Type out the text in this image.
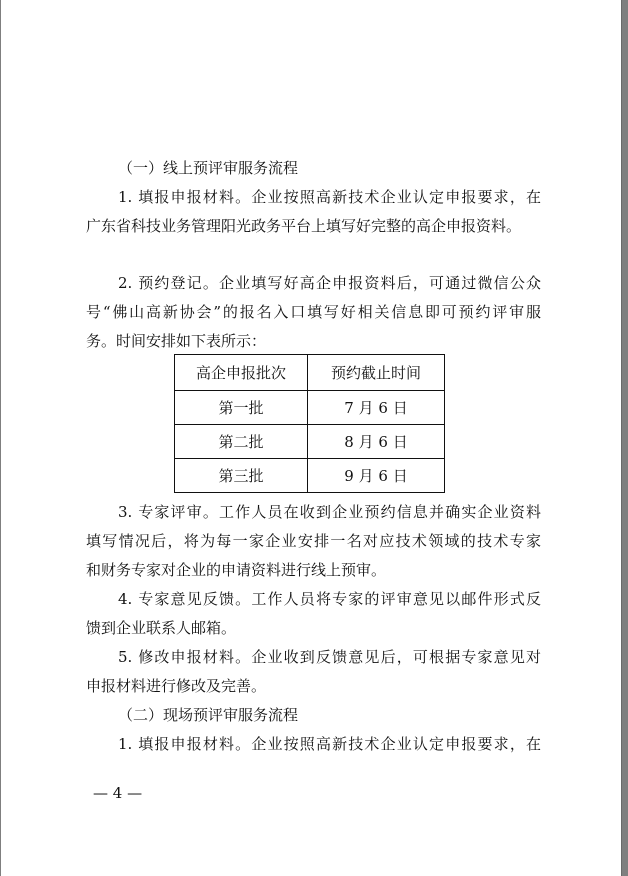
（一）线上预评审服务流程
1. 填报申报材料。企业按照高新技术企业认定申报要求，在
广东省科技业务管理阳光政务平台上填写好完整的高企申报资料。
2. 预约登记。企业填写好高企申报资料后，可通过微信公众
号“佛山高新协会”的报名入口填写好相关信息即可预约评审服
务。时间安排如下表所示：
高企申报批次	预约截止时间
第一批	7 月 6 日
第二批	8 月 6 日
第三批	9 月 6 日
3. 专家评审。工作人员在收到企业预约信息并确实企业资料
填写情况后，将为每一家企业安排一名对应技术领域的技术专家
和财务专家对企业的申请资料进行线上预审。
4. 专家意见反馈。工作人员将专家的评审意见以邮件形式反
馈到企业联系人邮箱。
5. 修改申报材料。企业收到反馈意见后，可根据专家意见对
申报材料进行修改及完善。
（二）现场预评审服务流程
1. 填报申报材料。企业按照高新技术企业认定申报要求，在
— 4 —
